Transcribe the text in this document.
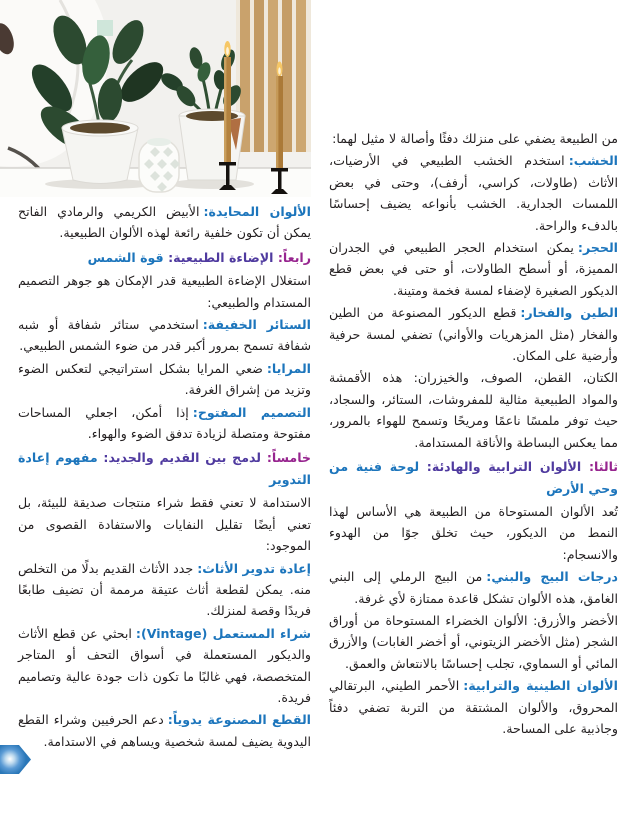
من الطبيعة يضفي على منزلك دفئًا وأصالة لا مثيل لهما:

الخشب:استخدم الخشب الطبيعي في الأرضيات، الأثاث (طاولات، كراسي، أرفف)، وحتى في بعض اللمسات الجدارية. الخشب بأنواعه يضيف إحساسًا بالدفء والراحة.

الحجر:يمكن استخدام الحجر الطبيعي في الجدران المميزة، أو أسطح الطاولات، أو حتى في بعض قطع الديكور الصغيرة لإضفاء لمسة فخمة ومتينة.

الطين والفخار:قطع الديكور المصنوعة من الطين والفخار (مثل المزهريات والأواني) تضفي لمسة حرفية وأرضية على المكان.

الكتان، القطن، الصوف، والخيزران: هذه الأقمشة والمواد الطبيعية مثالية للمفروشات، الستائر، والسجاد، حيث توفر ملمسًا ناعمًا ومريحًا وتسمح للهواء بالمرور، مما يعكس البساطة والأناقة المستدامة.

ثالثا: الألوان الترابية والهادئة: لوحة فنية من وحي الأرض

تُعد الألوان المستوحاة من الطبيعة هي الأساس لهذا النمط من الديكور، حيث تخلق جوًا من الهدوء والانسجام:

درجات البيج والبني:من البيج الرملي إلى البني الغامق، هذه الألوان تشكل قاعدة ممتازة لأي غرفة.

الأخضر والأزرق: الألوان الخضراء المستوحاة من أوراق الشجر (مثل الأخضر الزيتوني، أو أخضر الغابات) والأزرق المائي أو السماوي، تجلب إحساسًا بالانتعاش والعمق.

الألوان الطينية والترابية:الأحمر الطيني، البرتقالي المحروق، والألوان المشتقة من التربة تضفي دفئاً وجاذبية على المساحة.

الألوان المحايدة:الأبيض الكريمي والرمادي الفاتح يمكن أن تكون خلفية رائعة لهذه الألوان الطبيعية.

رابعاً: الإضاءة الطبيعية: قوة الشمس

استغلال الإضاءة الطبيعية قدر الإمكان هو جوهر التصميم المستدام والطبيعي:

الستائر الخفيفة:استخدمي ستائر شفافة أو شبه شفافة تسمح بمرور أكبر قدر من ضوء الشمس الطبيعي.

المرايا:ضعي المرايا بشكل استراتيجي لتعكس الضوء وتزيد من إشراق الغرفة.

التصميم المفتوح:إذا أمكن، اجعلي المساحات مفتوحة ومتصلة لزيادة تدفق الضوء والهواء.

خامساً: لدمج بين القديم والجديد: مفهوم إعادة التدوير

الاستدامة لا تعني فقط شراء منتجات صديقة للبيئة، بل تعني أيضًا تقليل النفايات والاستفادة القصوى من الموجود:

إعادة تدوير الأثاث:جدد الأثاث القديم بدلًا من التخلص منه. يمكن لقطعة أثاث عتيقة مرممة أن تضيف طابعًا فريدًا وقصة لمنزلك.

شراء المستعمل (Vintage):ابحثي عن قطع الأثاث والديكور المستعملة في أسواق التحف أو المتاجر المتخصصة، فهي غالبًا ما تكون ذات جودة عالية وتصاميم فريدة.

القطع المصنوعة يدوياً:دعم الحرفيين وشراء القطع اليدوية يضيف لمسة شخصية ويساهم في الاستدامة.
